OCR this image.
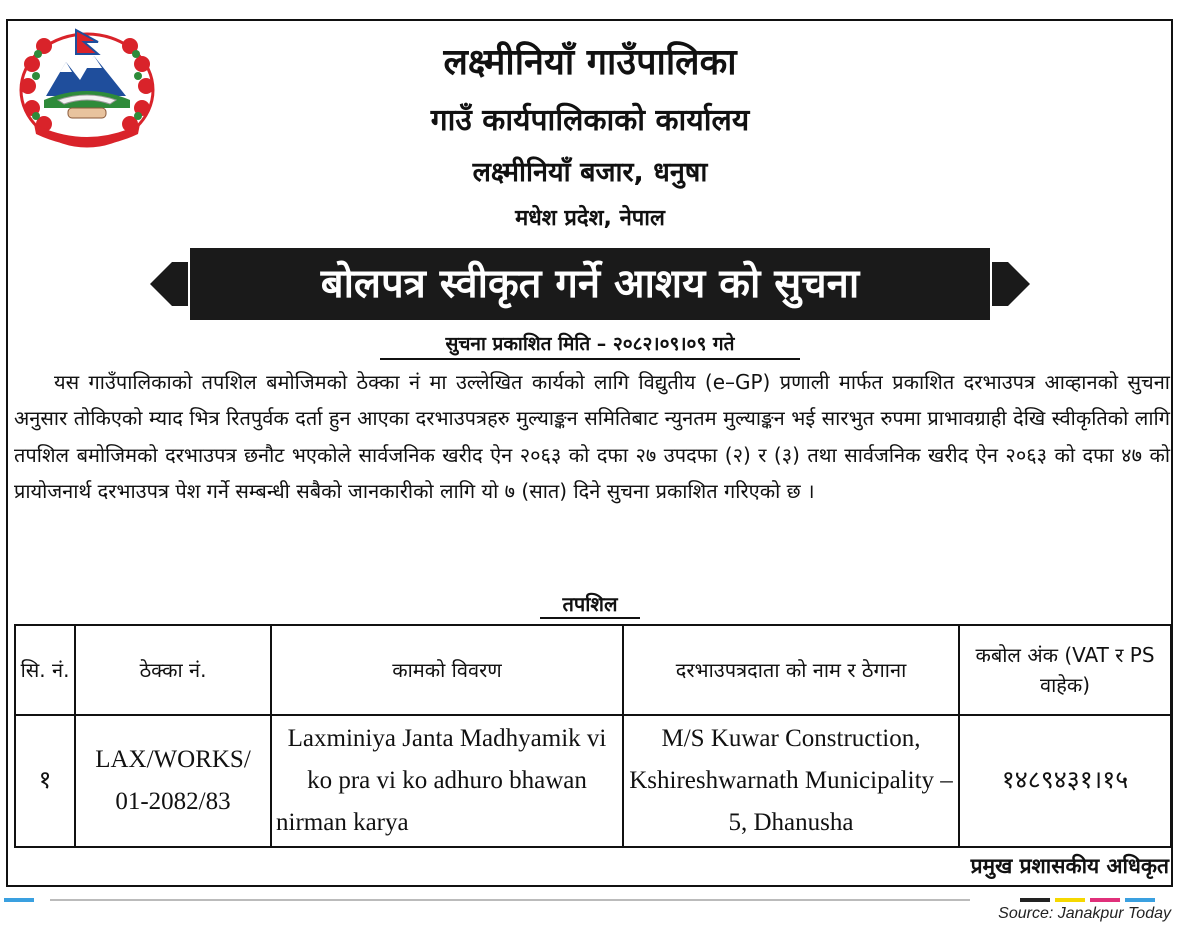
लक्ष्मीनियाँ गाउँपालिका
गाउँ कार्यपालिकाको कार्यालय
लक्ष्मीनियाँ बजार, धनुषा
मधेश प्रदेश, नेपाल
बोलपत्र स्वीकृत गर्ने आशय को सुचना
सुचना प्रकाशित मिति – २०८२।०९।०९ गते
यस गाउँपालिकाको तपशिल बमोजिमको ठेक्का नं मा उल्लेखित कार्यको लागि विद्युतीय (e–GP) प्रणाली मार्फत प्रकाशित दरभाउपत्र आव्हानको सुचना अनुसार तोकिएको म्याद भित्र रितपुर्वक दर्ता हुन आएका दरभाउपत्रहरु मुल्याङ्कन समितिबाट न्युनतम मुल्याङ्कन भई सारभुत रुपमा प्राभावग्राही देखि स्वीकृतिको लागि तपशिल बमोजिमको दरभाउपत्र छनौट भएकोले सार्वजनिक खरीद ऐन २०६३ को दफा २७ उपदफा (२) र (३) तथा सार्वजनिक खरीद ऐन २०६३ को दफा ४७ को प्रायोजनार्थ दरभाउपत्र पेश गर्ने सम्बन्धी सबैको जानकारीको लागि यो ७ (सात) दिने सुचना प्रकाशित गरिएको छ ।
तपशिल
सि. नं.	ठेक्का नं.	कामको विवरण	दरभाउपत्रदाता को नाम र ठेगाना	कबोल अंक (VAT र PS वाहेक)
१	LAX/WORKS/ 01-2082/83	Laxminiya Janta Madhyamik vi ko pra vi ko adhuro bhawan nirman karya	M/S Kuwar Construction, Kshireshwarnath Municipality – 5, Dhanusha	१४८९४३१।१५
प्रमुख प्रशासकीय अधिकृत
Source: Janakpur Today
